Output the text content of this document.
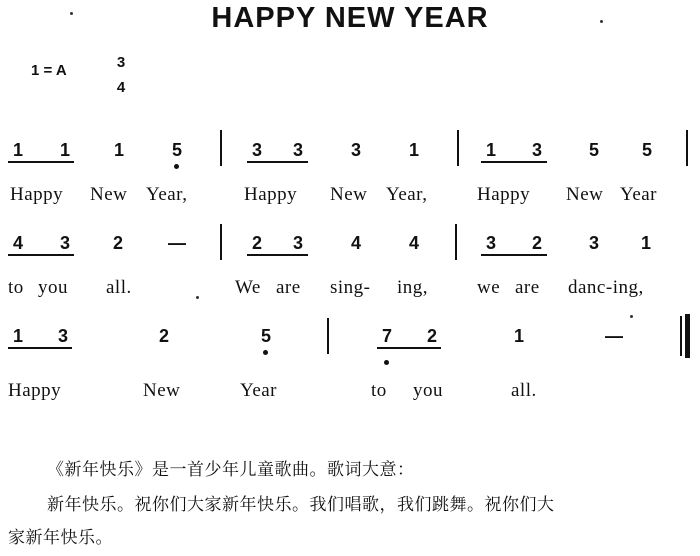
HAPPY NEW YEAR
1 = A	3
4
1 1 1	5	3 3	3	1	1 3	5 5
Happy New Year,	Happy New Year,	Happy New Year
4 3 2	—	2 3	4	4	3 2	3 1
to you all.	We are sing- ing,	we are danc-ing,
1 3	2	5	7 2	1	—
Happy	New	Year	to you	all.
《新年快乐》是一首少年儿童歌曲。歌词大意：
新年快乐。祝你们大家新年快乐。我们唱歌，我们跳舞。祝你们大
家新年快乐。
